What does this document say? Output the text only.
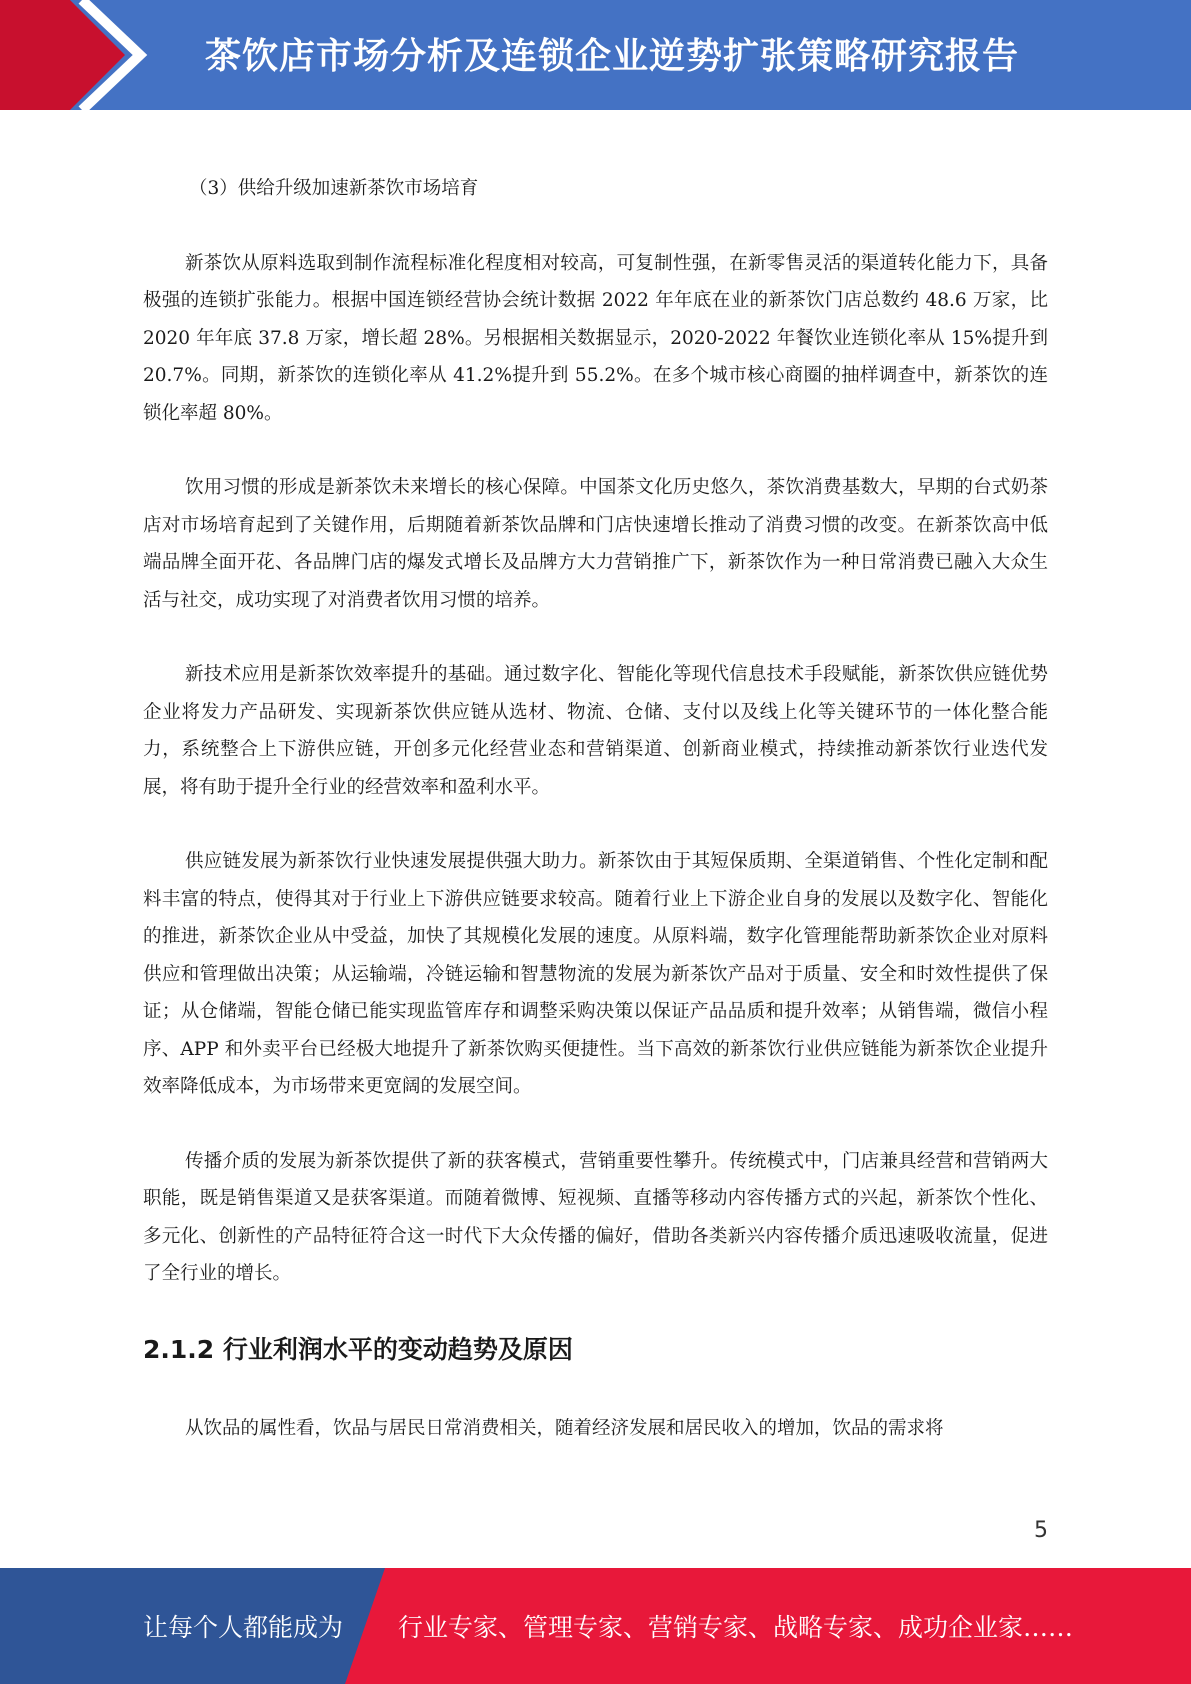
茶饮店市场分析及连锁企业逆势扩张策略研究报告

（3）供给升级加速新茶饮市场培育

新茶饮从原料选取到制作流程标准化程度相对较高，可复制性强，在新零售灵活的渠道转化能力下，具备极强的连锁扩张能力。根据中国连锁经营协会统计数据 2022 年年底在业的新茶饮门店总数约 48.6 万家，比 2020 年年底 37.8 万家，增长超 28%。另根据相关数据显示，2020-2022 年餐饮业连锁化率从 15%提升到 20.7%。同期，新茶饮的连锁化率从 41.2%提升到 55.2%。在多个城市核心商圈的抽样调查中，新茶饮的连锁化率超 80%。

饮用习惯的形成是新茶饮未来增长的核心保障。中国茶文化历史悠久，茶饮消费基数大，早期的台式奶茶店对市场培育起到了关键作用，后期随着新茶饮品牌和门店快速增长推动了消费习惯的改变。在新茶饮高中低端品牌全面开花、各品牌门店的爆发式增长及品牌方大力营销推广下，新茶饮作为一种日常消费已融入大众生活与社交，成功实现了对消费者饮用习惯的培养。

新技术应用是新茶饮效率提升的基础。通过数字化、智能化等现代信息技术手段赋能，新茶饮供应链优势企业将发力产品研发、实现新茶饮供应链从选材、物流、仓储、支付以及线上化等关键环节的一体化整合能力，系统整合上下游供应链，开创多元化经营业态和营销渠道、创新商业模式，持续推动新茶饮行业迭代发展，将有助于提升全行业的经营效率和盈利水平。

供应链发展为新茶饮行业快速发展提供强大助力。新茶饮由于其短保质期、全渠道销售、个性化定制和配料丰富的特点，使得其对于行业上下游供应链要求较高。随着行业上下游企业自身的发展以及数字化、智能化的推进，新茶饮企业从中受益，加快了其规模化发展的速度。从原料端，数字化管理能帮助新茶饮企业对原料供应和管理做出决策；从运输端，冷链运输和智慧物流的发展为新茶饮产品对于质量、安全和时效性提供了保证；从仓储端，智能仓储已能实现监管库存和调整采购决策以保证产品品质和提升效率；从销售端，微信小程序、APP 和外卖平台已经极大地提升了新茶饮购买便捷性。当下高效的新茶饮行业供应链能为新茶饮企业提升效率降低成本，为市场带来更宽阔的发展空间。

传播介质的发展为新茶饮提供了新的获客模式，营销重要性攀升。传统模式中，门店兼具经营和营销两大职能，既是销售渠道又是获客渠道。而随着微博、短视频、直播等移动内容传播方式的兴起，新茶饮个性化、多元化、创新性的产品特征符合这一时代下大众传播的偏好，借助各类新兴内容传播介质迅速吸收流量，促进了全行业的增长。

2.1.2 行业利润水平的变动趋势及原因

从饮品的属性看，饮品与居民日常消费相关，随着经济发展和居民收入的增加，饮品的需求将

5
让每个人都能成为 行业专家、管理专家、营销专家、战略专家、成功企业家……
